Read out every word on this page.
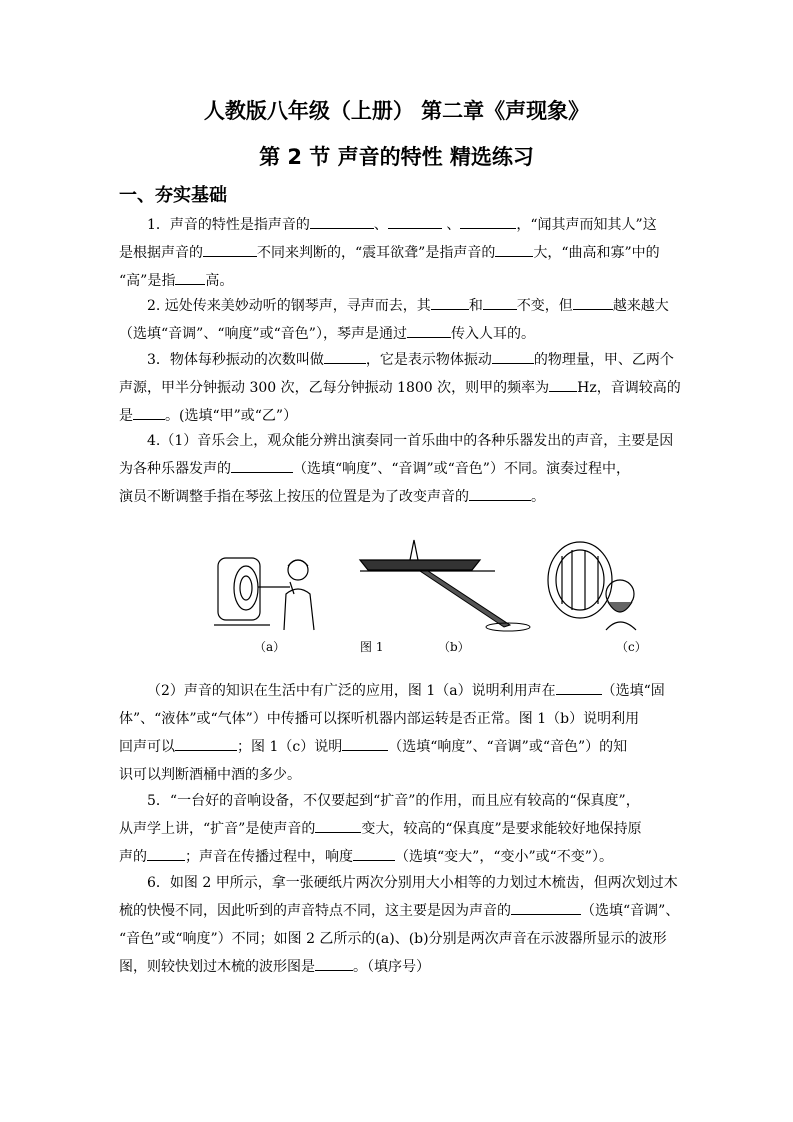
人教版八年级（上册） 第二章《声现象》
第 2 节 声音的特性 精选练习
一、夯实基础

1．声音的特性是指声音的	、	、	，“闻其声而知其人”这

是根据声音的	不同来判断的，“震耳欲聋”是指声音的	大，“曲高和寡”中的

“高”是指 高。

2. 远处传来美妙动听的钢琴声，寻声而去，其	和 不变，但	越来越大

（选填“音调”、“响度”或“音色”），琴声是通过	传入人耳的。

3．物体每秒振动的次数叫做	，它是表示物体振动	的物理量，甲、乙两个

声源，甲半分钟振动 300 次，乙每分钟振动 1800 次，则甲的频率为 Hz，音调较高的

是 。(选填“甲”或“乙”）

4.（1）音乐会上，观众能分辨出演奏同一首乐曲中的各种乐器发出的声音，主要是因

为各种乐器发声的	（选填“响度”、“音调”或“音色”）不同。演奏过程中，

演员不断调整手指在琴弦上按压的位置是为了改变声音的	。

（a）	图 1	（b）	（c）

（2）声音的知识在生活中有广泛的应用，图 1（a）说明利用声在	（选填“固

体”、“液体”或“气体”）中传播可以探听机器内部运转是否正常。图 1（b）说明利用

回声可以	；图 1（c）说明	（选填“响度”、“音调”或“音色”）的知

识可以判断酒桶中酒的多少。

5．“一台好的音响设备，不仅要起到“扩音”的作用，而且应有较高的“保真度”，

从声学上讲，“扩音”是使声音的	变大，较高的“保真度”是要求能较好地保持原

声的	；声音在传播过程中，响度	（选填“变大”，“变小”或“不变”）。

6．如图 2 甲所示，拿一张硬纸片两次分别用大小相等的力划过木梳齿，但两次划过木

梳的快慢不同，因此听到的声音特点不同，这主要是因为声音的	（选填“音调”、

“音色”或“响度”）不同；如图 2 乙所示的(a)、(b)分别是两次声音在示波器所显示的波形

图，则较快划过木梳的波形图是	。（填序号）
